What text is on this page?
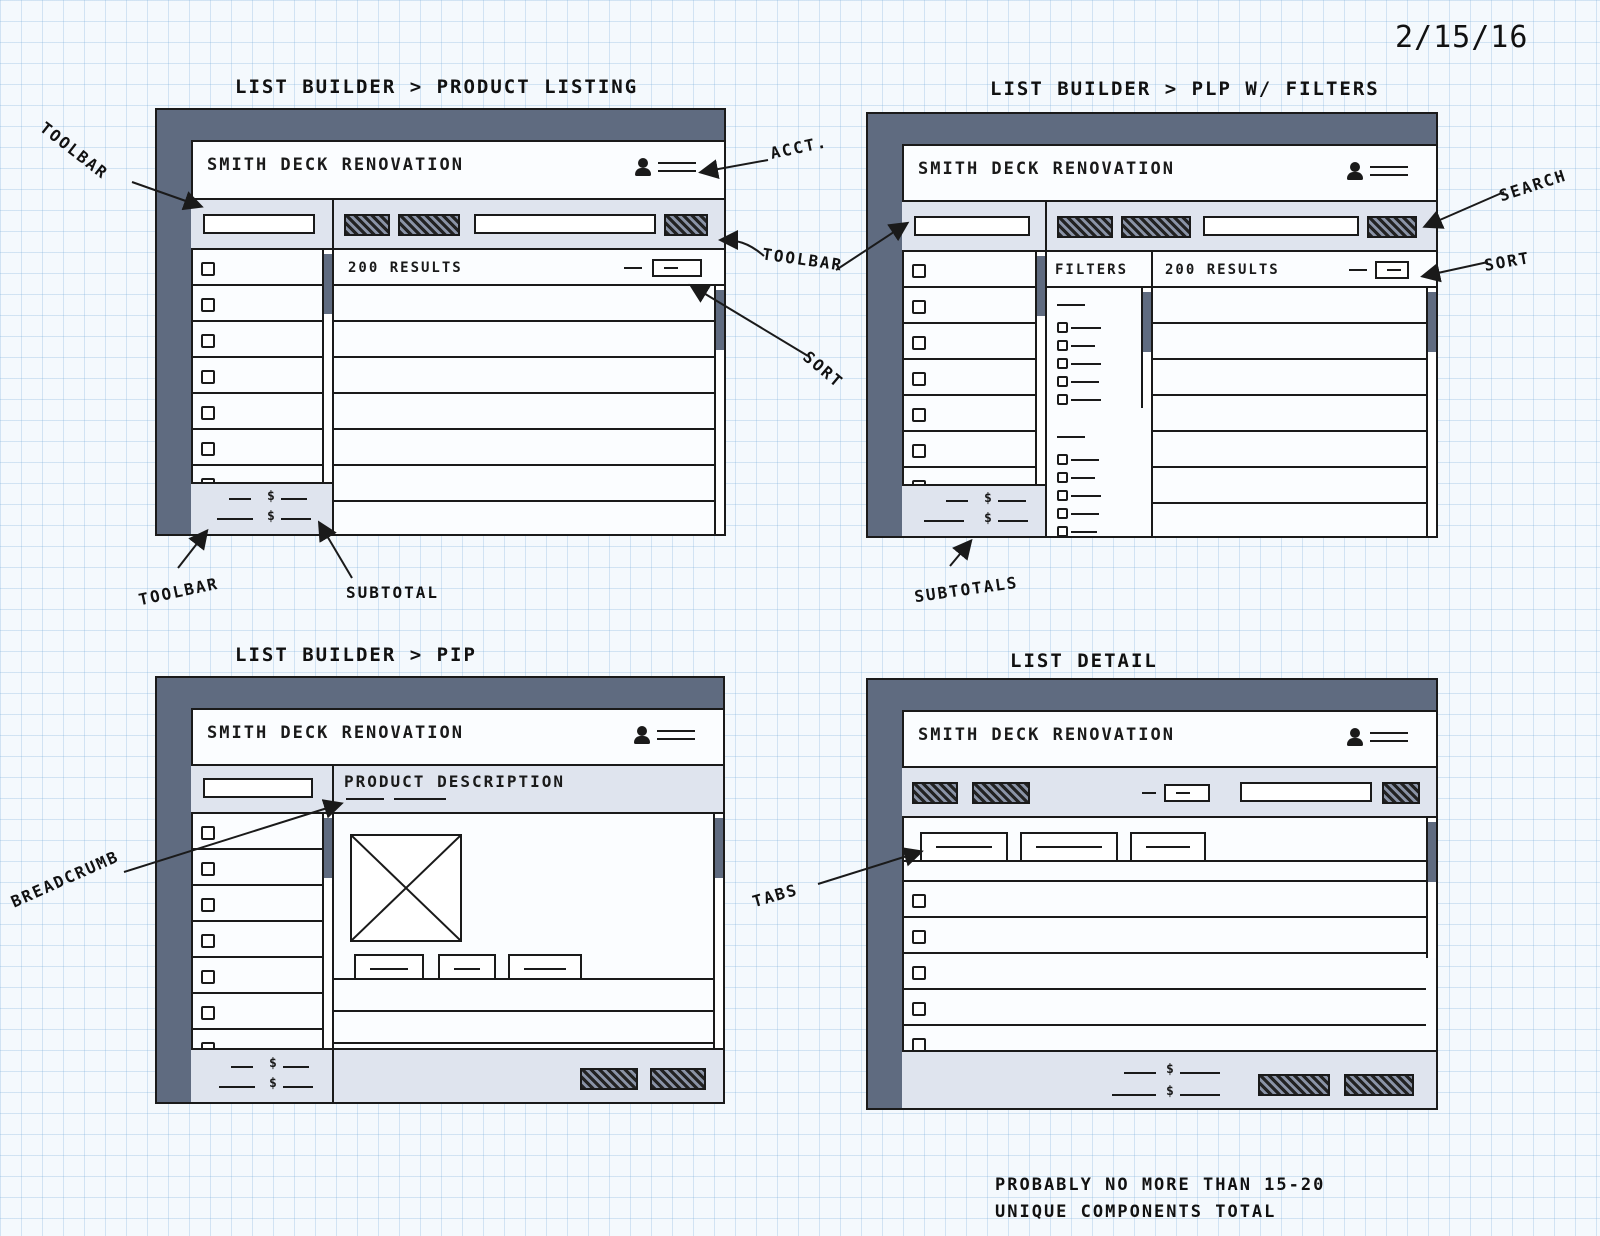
2/15/16
PROBABLY NO MORE THAN 15-20
UNIQUE COMPONENTS TOTAL
LIST BUILDER > PRODUCT LISTING	LIST BUILDER > PLP W/ FILTERS
LIST BUILDER > PIP	LIST DETAIL
SMITH DECK RENOVATION
$
$
200 RESULTS
SMITH DECK RENOVATION
$
$
FILTERS	200 RESULTS
SMITH DECK RENOVATION
PRODUCT DESCRIPTION
$
$
SMITH DECK RENOVATION
$
$
TOOLBAR	ACCT.
TOOLBAR
SORT
TOOLBAR	SUBTOTAL
SEARCH
SORT
SUBTOTALS
BREADCRUMB	TABS
